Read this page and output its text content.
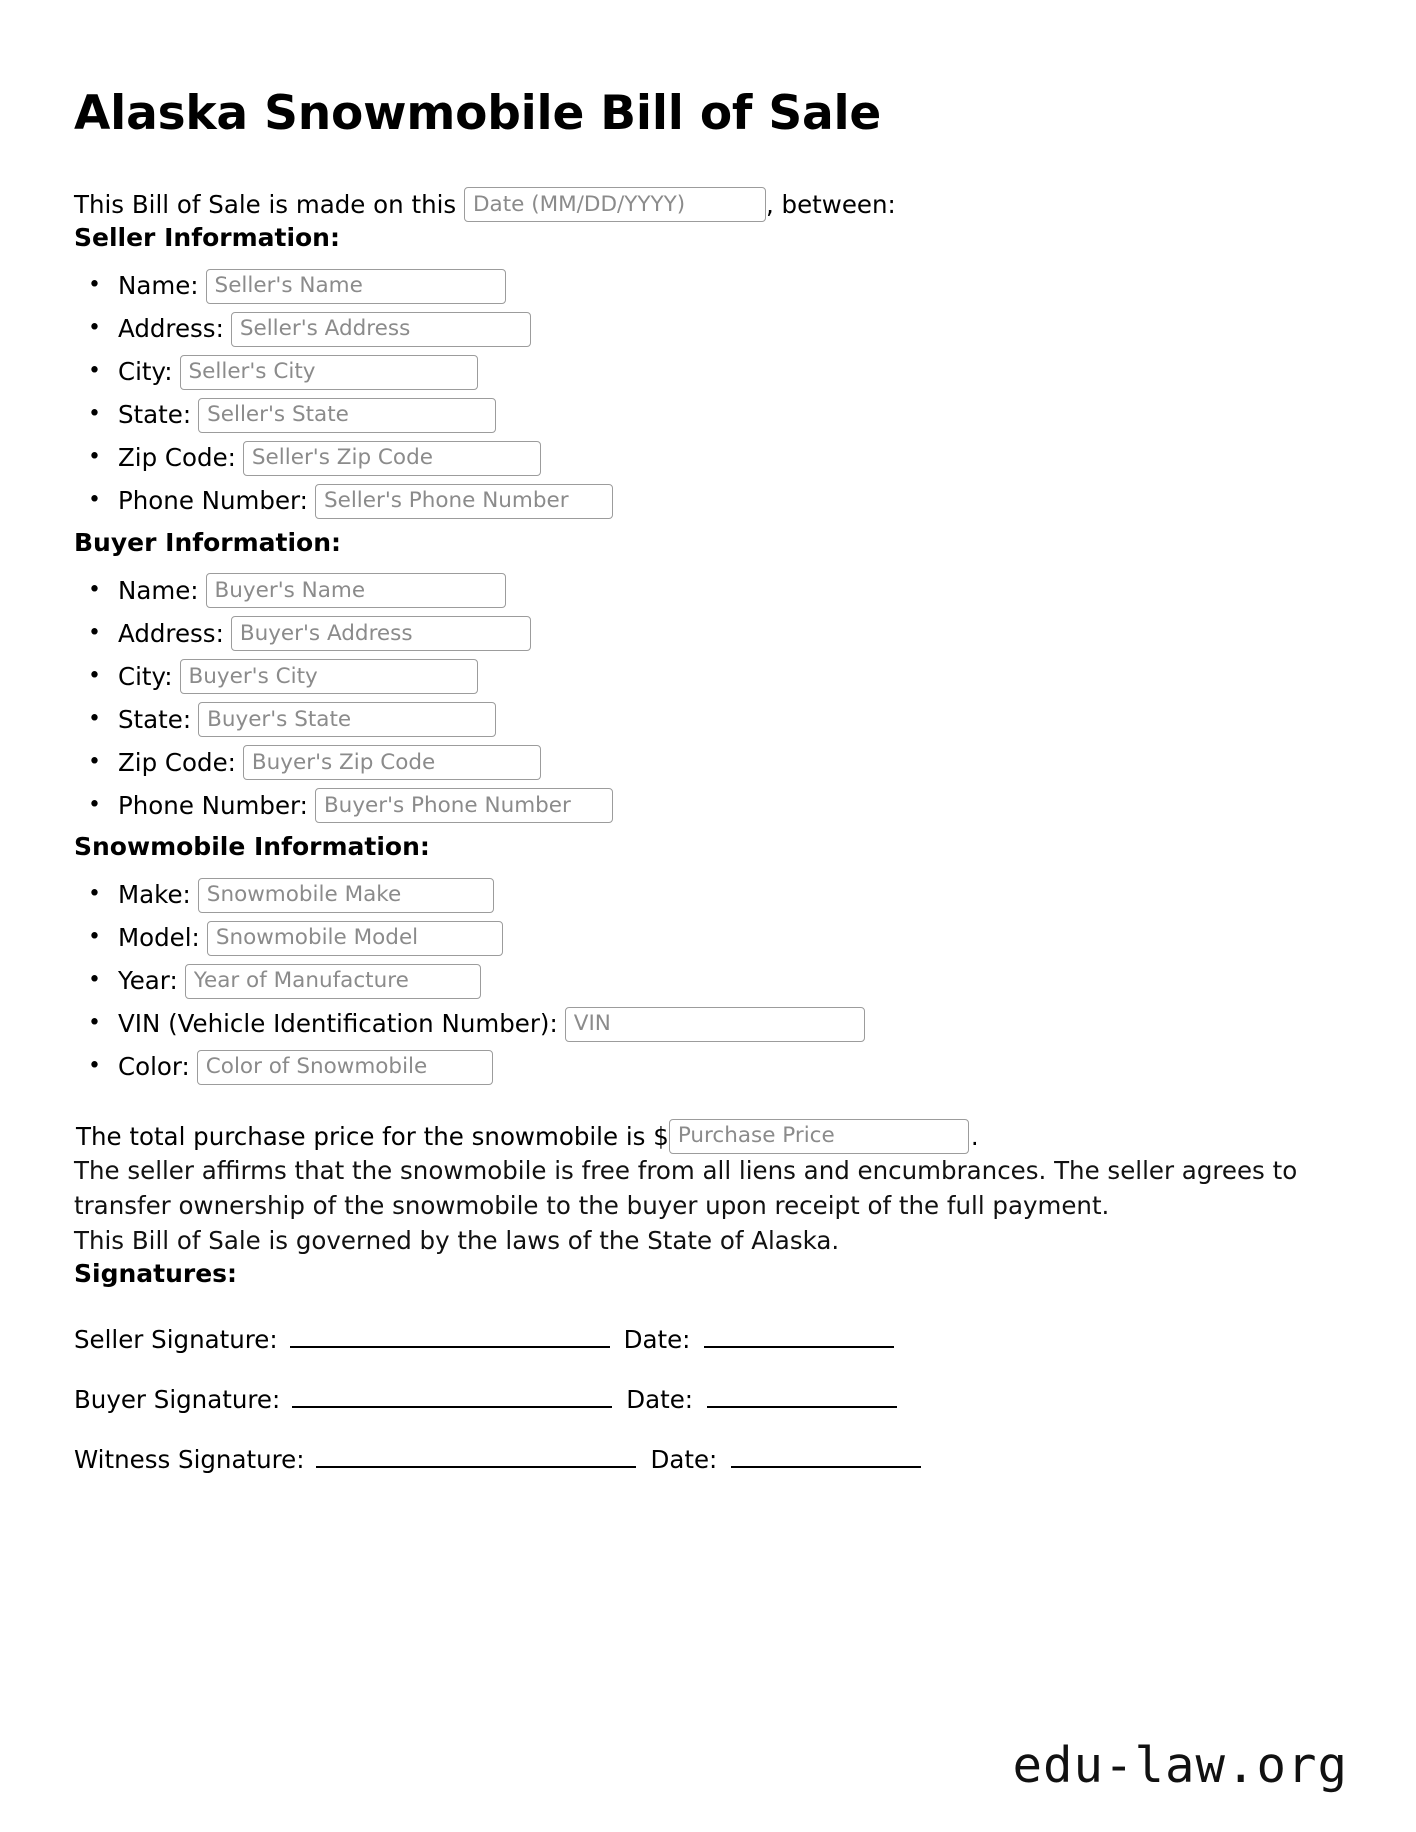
Alaska Snowmobile Bill of Sale
This Bill of Sale is made on this

Date (MM/DD/YYYY)	, between:
Seller Information:
• Name:
Seller's Name
• Address:
Seller's Address
• City:
Seller's City
• State:
Seller's State
• Zip Code:
Seller's Zip Code
• Phone Number:
Seller's Phone Number
Buyer Information:
• Name:
Buyer's Name
• Address:
Buyer's Address
• City:
Buyer's City
• State:
Buyer's State
• Zip Code:
Buyer's Zip Code
• Phone Number:
Buyer's Phone Number
Snowmobile Information:
• Make:
Snowmobile Make
• Model:
Snowmobile Model
• Year:
Year of Manufacture
• VIN (Vehicle Identification Number):
VIN
• Color:
Color of Snowmobile
The total purchase price for the snowmobile is $
Purchase Price	.

The seller affirms that the snowmobile is free from all liens and encumbrances. The seller agrees to transfer ownership of the snowmobile to the buyer upon receipt of the full payment.

This Bill of Sale is governed by the laws of the State of Alaska.

Signatures:
Seller Signature:	Date:
Buyer Signature:	Date:
Witness Signature:	Date:
edu-law.org
